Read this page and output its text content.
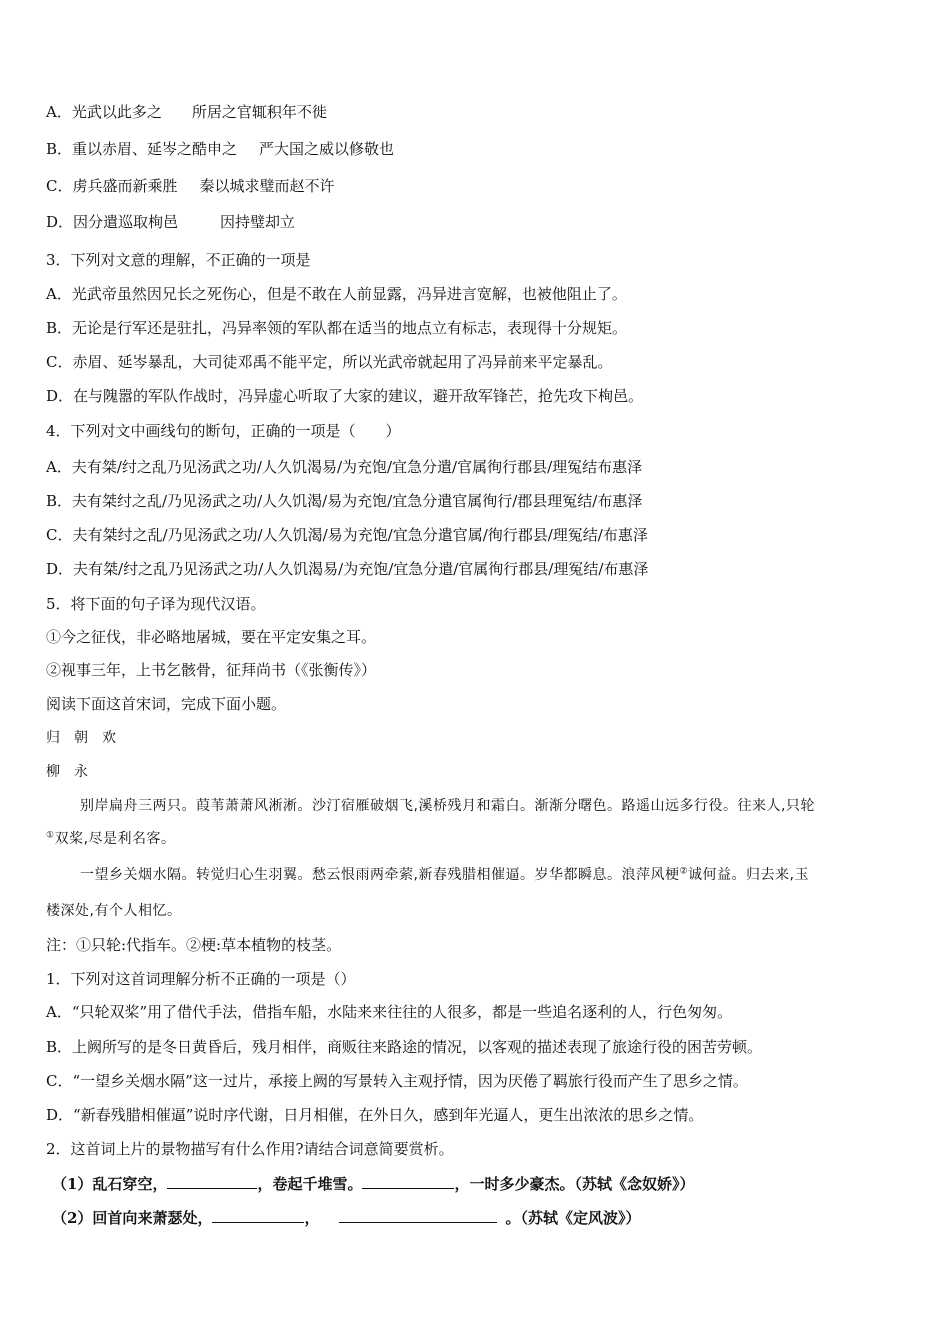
A．光武以此多之 所居之官辄积年不徙
B．重以赤眉、延岑之酷申之 严大国之威以修敬也
C．虏兵盛而新乘胜 秦以城求璧而赵不许
D．因分遣巡取栒邑	因持璧却立
3．下列对文意的理解，不正确的一项是
A．光武帝虽然因兄长之死伤心，但是不敢在人前显露，冯异进言宽解，也被他阻止了。
B．无论是行军还是驻扎，冯异率领的军队都在适当的地点立有标志，表现得十分规矩。
C．赤眉、延岑暴乱，大司徒邓禹不能平定，所以光武帝就起用了冯异前来平定暴乱。
D．在与隗嚣的军队作战时，冯异虚心听取了大家的建议，避开敌军锋芒，抢先攻下栒邑。
4．下列对文中画线句的断句，正确的一项是（　　）
A．夫有桀/纣之乱乃见汤武之功/人久饥渴易/为充饱/宜急分遣/官属徇行郡县/理冤结布惠泽
B．夫有桀纣之乱/乃见汤武之功/人久饥渴/易为充饱/宜急分遣官属徇行/郡县理冤结/布惠泽
C．夫有桀纣之乱/乃见汤武之功/人久饥渴/易为充饱/宜急分遣官属/徇行郡县/理冤结/布惠泽
D．夫有桀/纣之乱乃见汤武之功/人久饥渴易/为充饱/宜急分遣/官属徇行郡县/理冤结/布惠泽
5．将下面的句子译为现代汉语。
①今之征伐，非必略地屠城，要在平定安集之耳。
②视事三年，上书乞骸骨，征拜尚书（《张衡传》）
阅读下面这首宋词，完成下面小题。
归朝欢
柳永
别岸扁舟三两只。葭苇萧萧风淅淅。沙汀宿雁破烟飞,溪桥残月和霜白。渐渐分曙色。路遥山远多行役。往来人,只轮
①双桨,尽是利名客。
一望乡关烟水隔。转觉归心生羽翼。愁云恨雨两牵萦,新春残腊相催逼。岁华都瞬息。浪萍风梗②诚何益。归去来,玉
楼深处,有个人相忆。
注：①只轮:代指车。②梗:草本植物的枝茎。
1．下列对这首词理解分析不正确的一项是（）
A．“只轮双桨”用了借代手法，借指车船，水陆来来往往的人很多，都是一些追名逐利的人，行色匆匆。
B．上阙所写的是冬日黄昏后，残月相伴，商贩往来路途的情况，以客观的描述表现了旅途行役的困苦劳顿。
C．“一望乡关烟水隔”这一过片，承接上阙的写景转入主观抒情，因为厌倦了羁旅行役而产生了思乡之情。
D．“新春残腊相催逼”说时序代谢，日月相催，在外日久，感到年光逼人，更生出浓浓的思乡之情。
2．这首词上片的景物描写有什么作用?请结合词意简要赏析。
（1）乱石穿空，	，卷起千堆雪。	，一时多少豪杰。（苏轼《念奴娇》）
（2）回首向来萧瑟处，	，	。（苏轼《定风波》）
